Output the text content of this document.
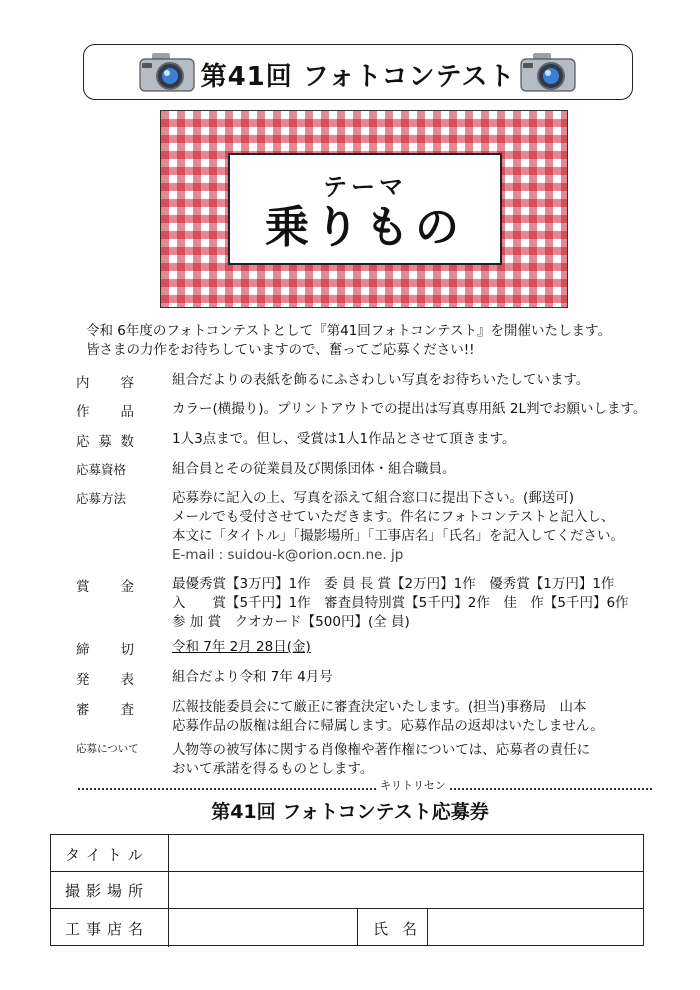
第41回 フォトコンテスト
テーマ
乗りもの
令和 6年度のフォトコンテストとして『第41回フォトコンテスト』を開催いたします。
皆さまの力作をお待ちしていますので、奮ってご応募ください!!
内 容	組合だよりの表紙を飾るにふさわしい写真をお待ちいたしています。
作 品	カラー(横撮り)。プリントアウトでの提出は写真専用紙 2L判でお願いします。
応 募 数	1人3点まで。但し、受賞は1人1作品とさせて頂きます。
応募資格	組合員とその従業員及び関係団体・組合職員。
応募方法	応募券に記入の上、写真を添えて組合窓口に提出下さい。(郵送可)
メールでも受付させていただきます。件名にフォトコンテストと記入し、
本文に「タイトル」「撮影場所」「工事店名」「氏名」を記入してください。
E-mail : suidou-k@orion.ocn.ne. jp
賞 金	最優秀賞【3万円】1作　委 員 長 賞【2万円】1作　優秀賞【1万円】1作
入　　賞【5千円】1作　審査員特別賞【5千円】2作　佳　作【5千円】6作
参 加 賞　クオカード【500円】(全 員)
締 切	令和 7年 2月 28日(金)
発 表	組合だより令和 7年 4月号
審 査	広報技能委員会にて厳正に審査決定いたします。(担当)事務局　山本
応募作品の版権は組合に帰属します。応募作品の返却はいたしません。
応募について	人物等の被写体に関する肖像権や著作権については、応募者の責任に
おいて承諾を得るものとします。
キリトリセン
第41回 フォトコンテスト応募券
タイトル
撮影場所
工事店名	氏名
